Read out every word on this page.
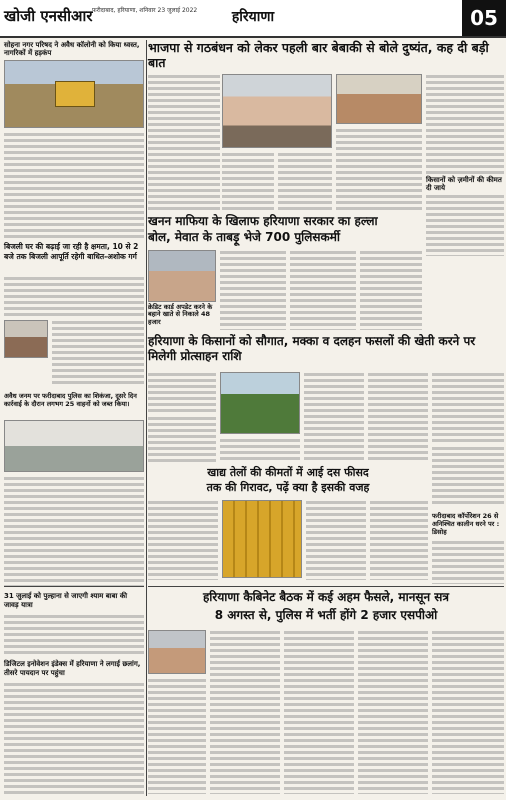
खोजी एनसीआर फरीदाबाद, हरियाणा, शनिवार 23 जुलाई 2022	हरियाणा	05
सोहना नगर परिषद ने अवैध कॉलोनी को किया ध्वस्त, नागरिकों में हड़कंप	भाजपा से गठबंधन को लेकर पहली बार बेबाकी से बोले दुष्यंत, कह दी बड़ी बात
किसानों को ज़मीनों की कीमत दी जाये
खनन माफिया के खिलाफ हरियाणा सरकार का हल्ला
बोल, मेवात के ताबड़ू भेजे 700 पुलिसकर्मी
क्रेडिट कार्ड अपडेट करने के बहाने खाते से निकाले 48 हजार
बिजली घर की बढ़ाई जा रही है क्षमता, 10 से 2 बजे तक बिजली आपूर्ति रहेगी बाधित-अशोक गर्ग
अवैध जनम पर फरीदाबाद पुलिस का शिकंजा, दूसरे दिन कार्रवाई के दौरान लगभग 25 वाहनों को जब्त किया।
हरियाणा के किसानों को सौगात, मक्का व दलहन फसलों की खेती करने पर मिलेगी प्रोत्साहन राशि
खाद्य तेलों की कीमतों में आई दस फीसद
तक की गिरावट, पढ़ें क्या है इसकी वजह
फरीदाबाद कॉर्पोरेशन 26 से अनिश्चित कालीन धरने पर : डिसोह
31 जुलाई को पुल्हाना से जाएगी श्याम बाबा की जावड़ यात्रा
डिजिटल इनोवेशन इंडेक्स में हरियाणा ने लगाई छलांग, तीसरे पायदान पर पहुंचा
हरियाणा कैबिनेट बैठक में कई अहम फैसले, मानसून सत्र
8 अगस्त से, पुलिस में भर्ती होंगे 2 हजार एसपीओ
